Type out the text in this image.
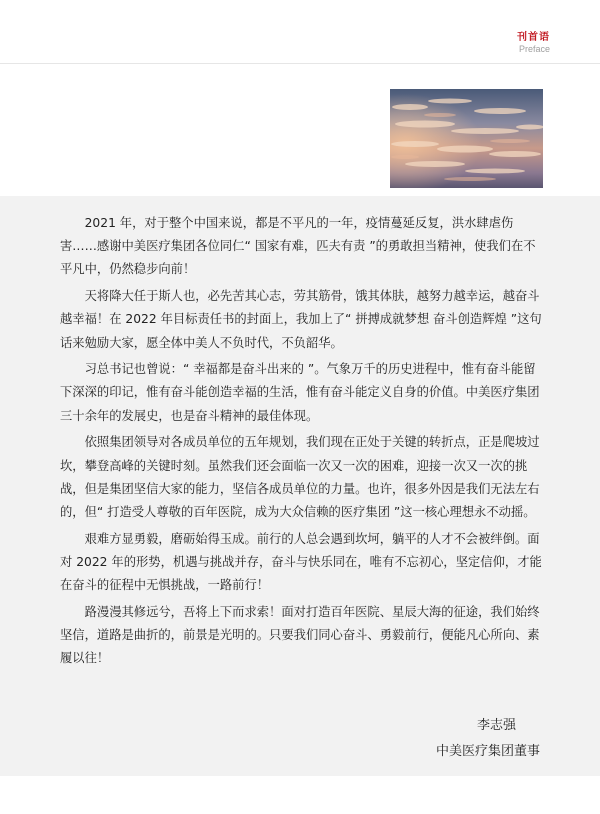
刊首语
Preface

2021 年，对于整个中国来说，都是不平凡的一年，疫情蔓延反复，洪水肆虐伤害……感谢中美医疗集团各位同仁“ 国家有难，匹夫有责 ”的勇敢担当精神，使我们在不平凡中，仍然稳步向前！

天将降大任于斯人也，必先苦其心志，劳其筋骨，饿其体肤，越努力越幸运，越奋斗越幸福！在 2022 年目标责任书的封面上，我加上了“ 拼搏成就梦想 奋斗创造辉煌 ”这句话来勉励大家，愿全体中美人不负时代，不负韶华。

习总书记也曾说：“ 幸福都是奋斗出来的 ”。气象万千的历史进程中，惟有奋斗能留下深深的印记，惟有奋斗能创造幸福的生活，惟有奋斗能定义自身的价值。中美医疗集团三十余年的发展史，也是奋斗精神的最佳体现。

依照集团领导对各成员单位的五年规划，我们现在正处于关键的转折点，正是爬坡过坎，攀登高峰的关键时刻。虽然我们还会面临一次又一次的困难，迎接一次又一次的挑战，但是集团坚信大家的能力，坚信各成员单位的力量。也许，很多外因是我们无法左右的，但“ 打造受人尊敬的百年医院，成为大众信赖的医疗集团 ”这一核心理想永不动摇。

艰难方显勇毅，磨砺始得玉成。前行的人总会遇到坎坷，躺平的人才不会被绊倒。面对 2022 年的形势，机遇与挑战并存，奋斗与快乐同在，唯有不忘初心，坚定信仰，才能在奋斗的征程中无惧挑战，一路前行！

路漫漫其修远兮，吾将上下而求索！面对打造百年医院、星辰大海的征途，我们始终坚信，道路是曲折的，前景是光明的。只要我们同心奋斗、勇毅前行，便能凡心所向、素履以往！

李志强
中美医疗集团董事
